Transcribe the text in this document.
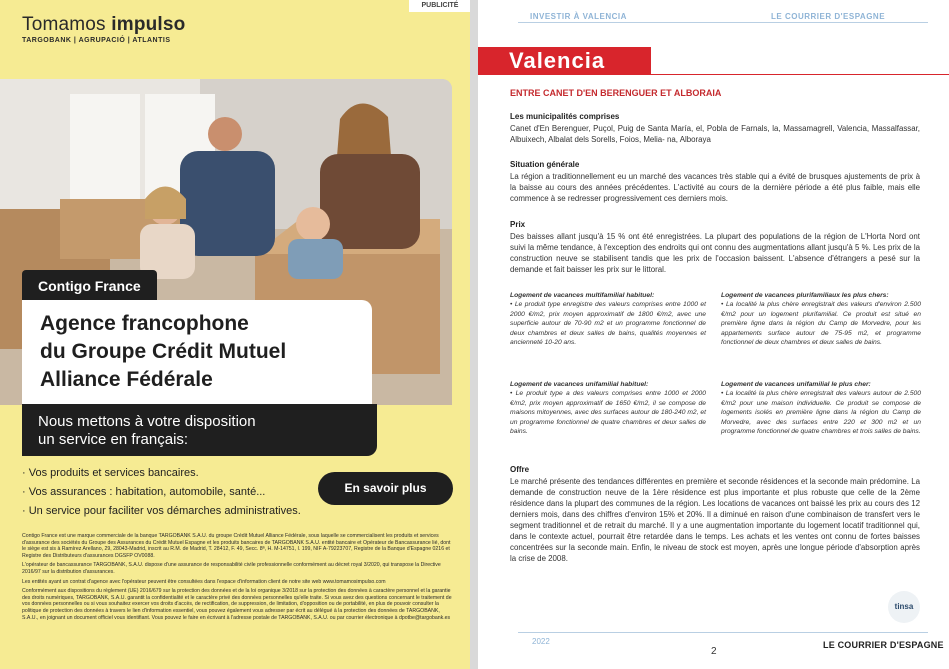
Tomamos impulso
TARGOBANK | AGRUPACIÓ | ATLANTIS
PUBLICITÉ
Contigo France
Agence francophone
du Groupe Crédit Mutuel
Alliance Fédérale
Nous mettons à votre disposition
un service en français:
· Vos produits et services bancaires.
· Vos assurances : habitation, automobile, santé...
· Un service pour faciliter vos démarches administratives.
En savoir plus

Contigo France est une marque commerciale de la banque TARGOBANK S.A.U. du groupe Crédit Mutuel Alliance Fédérale, sous laquelle se commercialisent les produits et services d'assurance des sociétés du Groupe des Assurances du Crédit Mutuel Espagne et les produits bancaires de TARGOBANK S.A.U. entité bancaire et Opérateur de Bancassurance lié, dont le siège est sis à Ramírez Arellano, 29, 28043-Madrid, inscrit au R.M. de Madrid, T. 28412, F. 49, Secc. 8ª, H. M-14751, I. 199, NIF A-79223707, Registre de la Banque d'Espagne 0216 et Registre des Distributeurs d'assurances DGSFP OV0088.

L'opérateur de bancassurance TARGOBANK, S.A.U. dispose d'une assurance de responsabilité civile professionnelle conformément au décret royal 3/2020, qui transpose la Directive 2016/97 sur la distribution d'assurances.

Les entités ayant un contrat d'agence avec l'opérateur peuvent être consultées dans l'espace d'information client de notre site web www.tomamosimpulso.com

Conformément aux dispositions du règlement (UE) 2016/679 sur la protection des données et de la loi organique 3/2018 sur la protection des données à caractère personnel et la garantie des droits numériques, TARGOBANK, S.A.U. garantit la confidentialité et le caractère privé des données personnelles qu'elle traite. Si vous avez des questions concernant le traitement de vos données personnelles ou si vous souhaitez exercer vos droits d'accès, de rectification, de suppression, de limitation, d'opposition ou de portabilité, en plus de pouvoir consulter la politique de protection des données à travers le lien d'information essentiel, vous pouvez également vous adresser par écrit au délégué à la protection des données de TARGOBANK, S.A.U., en joignant un document officiel vous identifiant. Vous pouvez le faire en écrivant à l'adresse postale de TARGOBANK, S.A.U. ou par courrier électronique à dpotbe@targobank.es

INVESTIR À VALENCIA	LE COURRIER D'ESPAGNE
Valencia
ENTRE CANET D'EN BERENGUER ET ALBORAIA
Les municipalités comprises
Canet d'En Berenguer, Puçol, Puig de Santa María, el, Pobla de Farnals, la, Massamagrell, Valencia, Massalfassar, Albuixech, Albalat dels Sorells, Foios, Melia- na, Alboraya
Situation générale
La région a traditionnellement eu un marché des vacances très stable qui a évité de brusques ajustements de prix à la baisse au cours des années précédentes. L'activité au cours de la dernière période a été plus faible, mais elle commence à se redresser progressivement ces derniers mois.
Prix
Des baisses allant jusqu'à 15 % ont été enregistrées. La plupart des populations de la région de L'Horta Nord ont suivi la même tendance, à l'exception des endroits qui ont connu des augmentations allant jusqu'à 5 %. Les prix de la construction neuve se stabilisent tandis que les prix de l'occasion baissent. L'absence d'étrangers a pesé sur la demande et fait baisser les prix sur le littoral.
Logement de vacances multifamilial habituel:
• Le produit type enregistre des valeurs comprises entre 1000 et 2000 €/m2, prix moyen approximatif de 1800 €/m2, avec une superficie autour de 70-90 m2 et un programme fonctionnel de deux chambres et deux salles de bains, qualités moyennes et ancienneté 10-20 ans.
Logement de vacances plurifamiliaux les plus chers:
• La localité la plus chère enregistrait des valeurs d'environ 2.500 €/m2 pour un logement plurifamilial. Ce produit est situé en première ligne dans la région du Camp de Morvedre, pour les appartements surface autour de 75-95 m2, et programme fonctionnel de deux chambres et deux salles de bains.
Logement de vacances unifamilial habituel:
• Le produit type a des valeurs comprises entre 1000 et 2000 €/m2, prix moyen approximatif de 1650 €/m2, il se compose de maisons mitoyennes, avec des surfaces autour de 180-240 m2, et un programme fonctionnel de quatre chambres et deux salles de bains.
Logement de vacances unifamilial le plus cher:
• La localité la plus chère enregistrait des valeurs autour de 2.500 €/m2 pour une maison individuelle. Ce produit se compose de logements isolés en première ligne dans la région du Camp de Morvedre, avec des surfaces entre 220 et 300 m2 et un programme fonctionnel de quatre chambres et trois salles de bains.
Offre
Le marché présente des tendances différentes en première et seconde résidences et la seconde main prédomine. La demande de construction neuve de la 1ère résidence est plus importante et plus robuste que celle de la 2ème résidence dans la plupart des communes de la région. Les locations de vacances ont baissé les prix au cours des 12 derniers mois, dans des chiffres d'environ 15% et 20%. Il a diminué en raison d'une combinaison de transfert vers le segment traditionnel et de retrait du marché. Il y a une augmentation importante du logement locatif traditionnel qui, dans le contexte actuel, pourrait être retardée dans le temps. Les achats et les ventes ont connu de fortes baisses concentrées sur la seconde main. Enfin, le niveau de stock est moyen, après une longue période d'absorption après la crise de 2008.
tinsa
2022
2
LE COURRIER D'ESPAGNE
